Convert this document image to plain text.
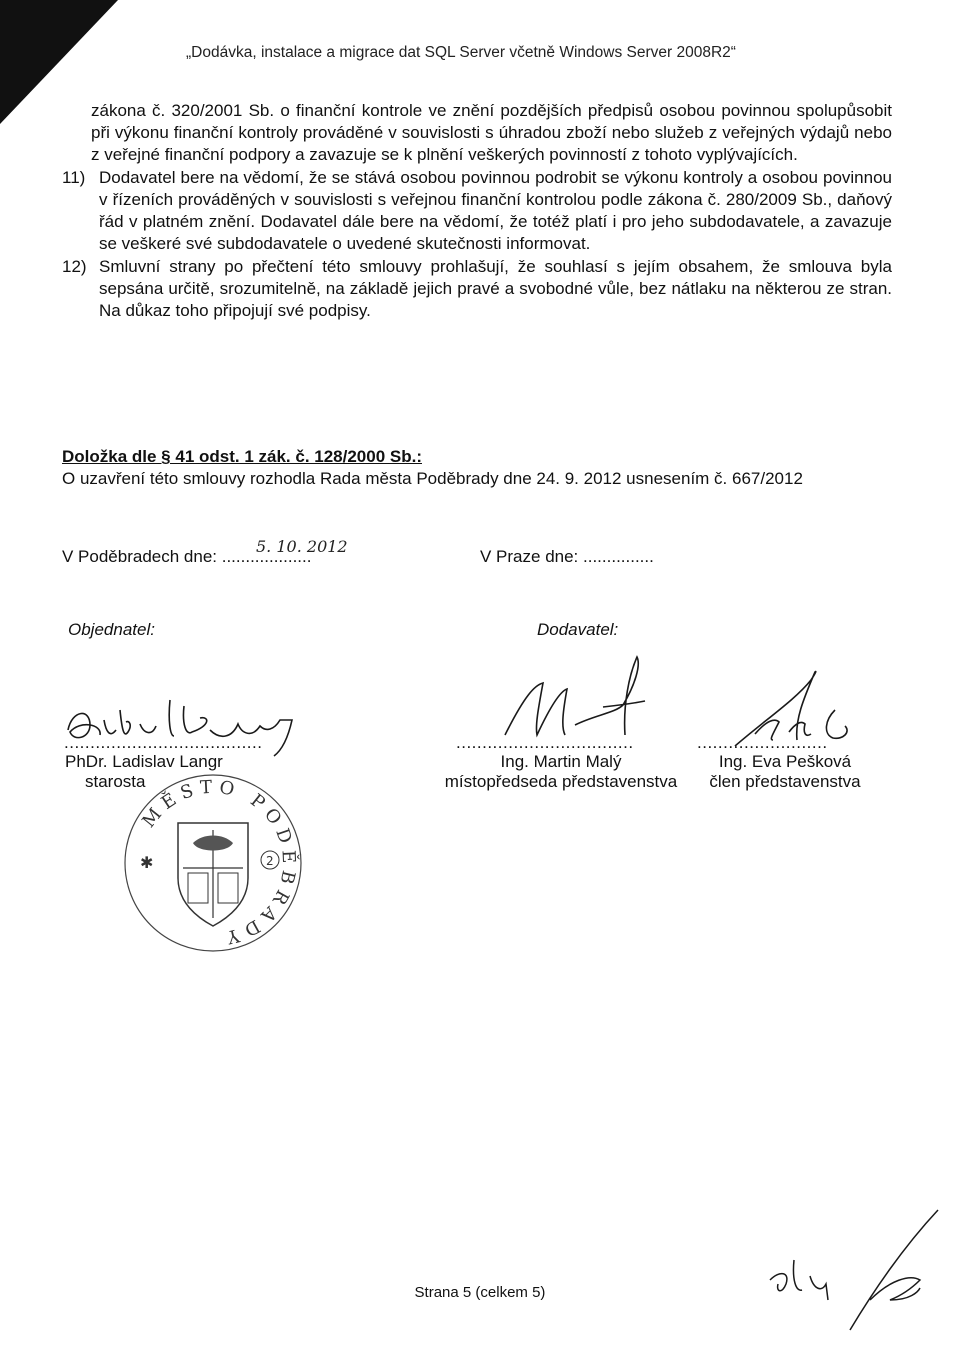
„Dodávka, instalace a migrace dat SQL Server včetně Windows Server 2008R2“

zákona č. 320/2001 Sb. o finanční kontrole ve znění pozdějších předpisů osobou povinnou spolupůsobit při výkonu finanční kontroly prováděné v souvislosti s úhradou zboží nebo služeb z veřejných výdajů nebo z veřejné finanční podpory a zavazuje se k plnění veškerých povinností z tohoto vyplývajících.

11) Dodavatel bere na vědomí, že se stává osobou povinnou podrobit se výkonu kontroly a osobou povinnou v řízeních prováděných v souvislosti s veřejnou finanční kontrolou podle zákona č. 280/2009 Sb., daňový řád v platném znění. Dodavatel dále bere na vědomí, že totéž platí i pro jeho subdodavatele, a zavazuje se veškeré své subdodavatele o uvedené skutečnosti informovat.
12) Smluvní strany po přečtení této smlouvy prohlašují, že souhlasí s jejím obsahem, že smlouva byla sepsána určitě, srozumitelně, na základě jejich pravé a svobodné vůle, bez nátlaku na některou ze stran. Na důkaz toho připojují své podpisy.
Doložka dle § 41 odst. 1 zák. č. 128/2000 Sb.:
O uzavření této smlouvy rozhodla Rada města Poděbrady dne 24. 9. 2012 usnesením č. 667/2012
V Poděbradech dne: ...................
5. 10. 2012
V Praze dne: ...............
Objednatel:	Dodavatel:
......................................	..................................	.........................
PhDr. Ladislav Langr
starosta
Ing. Martin Malý
místopředseda představenstva
Ing. Eva Pešková
člen představenstva
MĚSTO PODĚBRADY
✱	2
Strana 5 (celkem 5)
